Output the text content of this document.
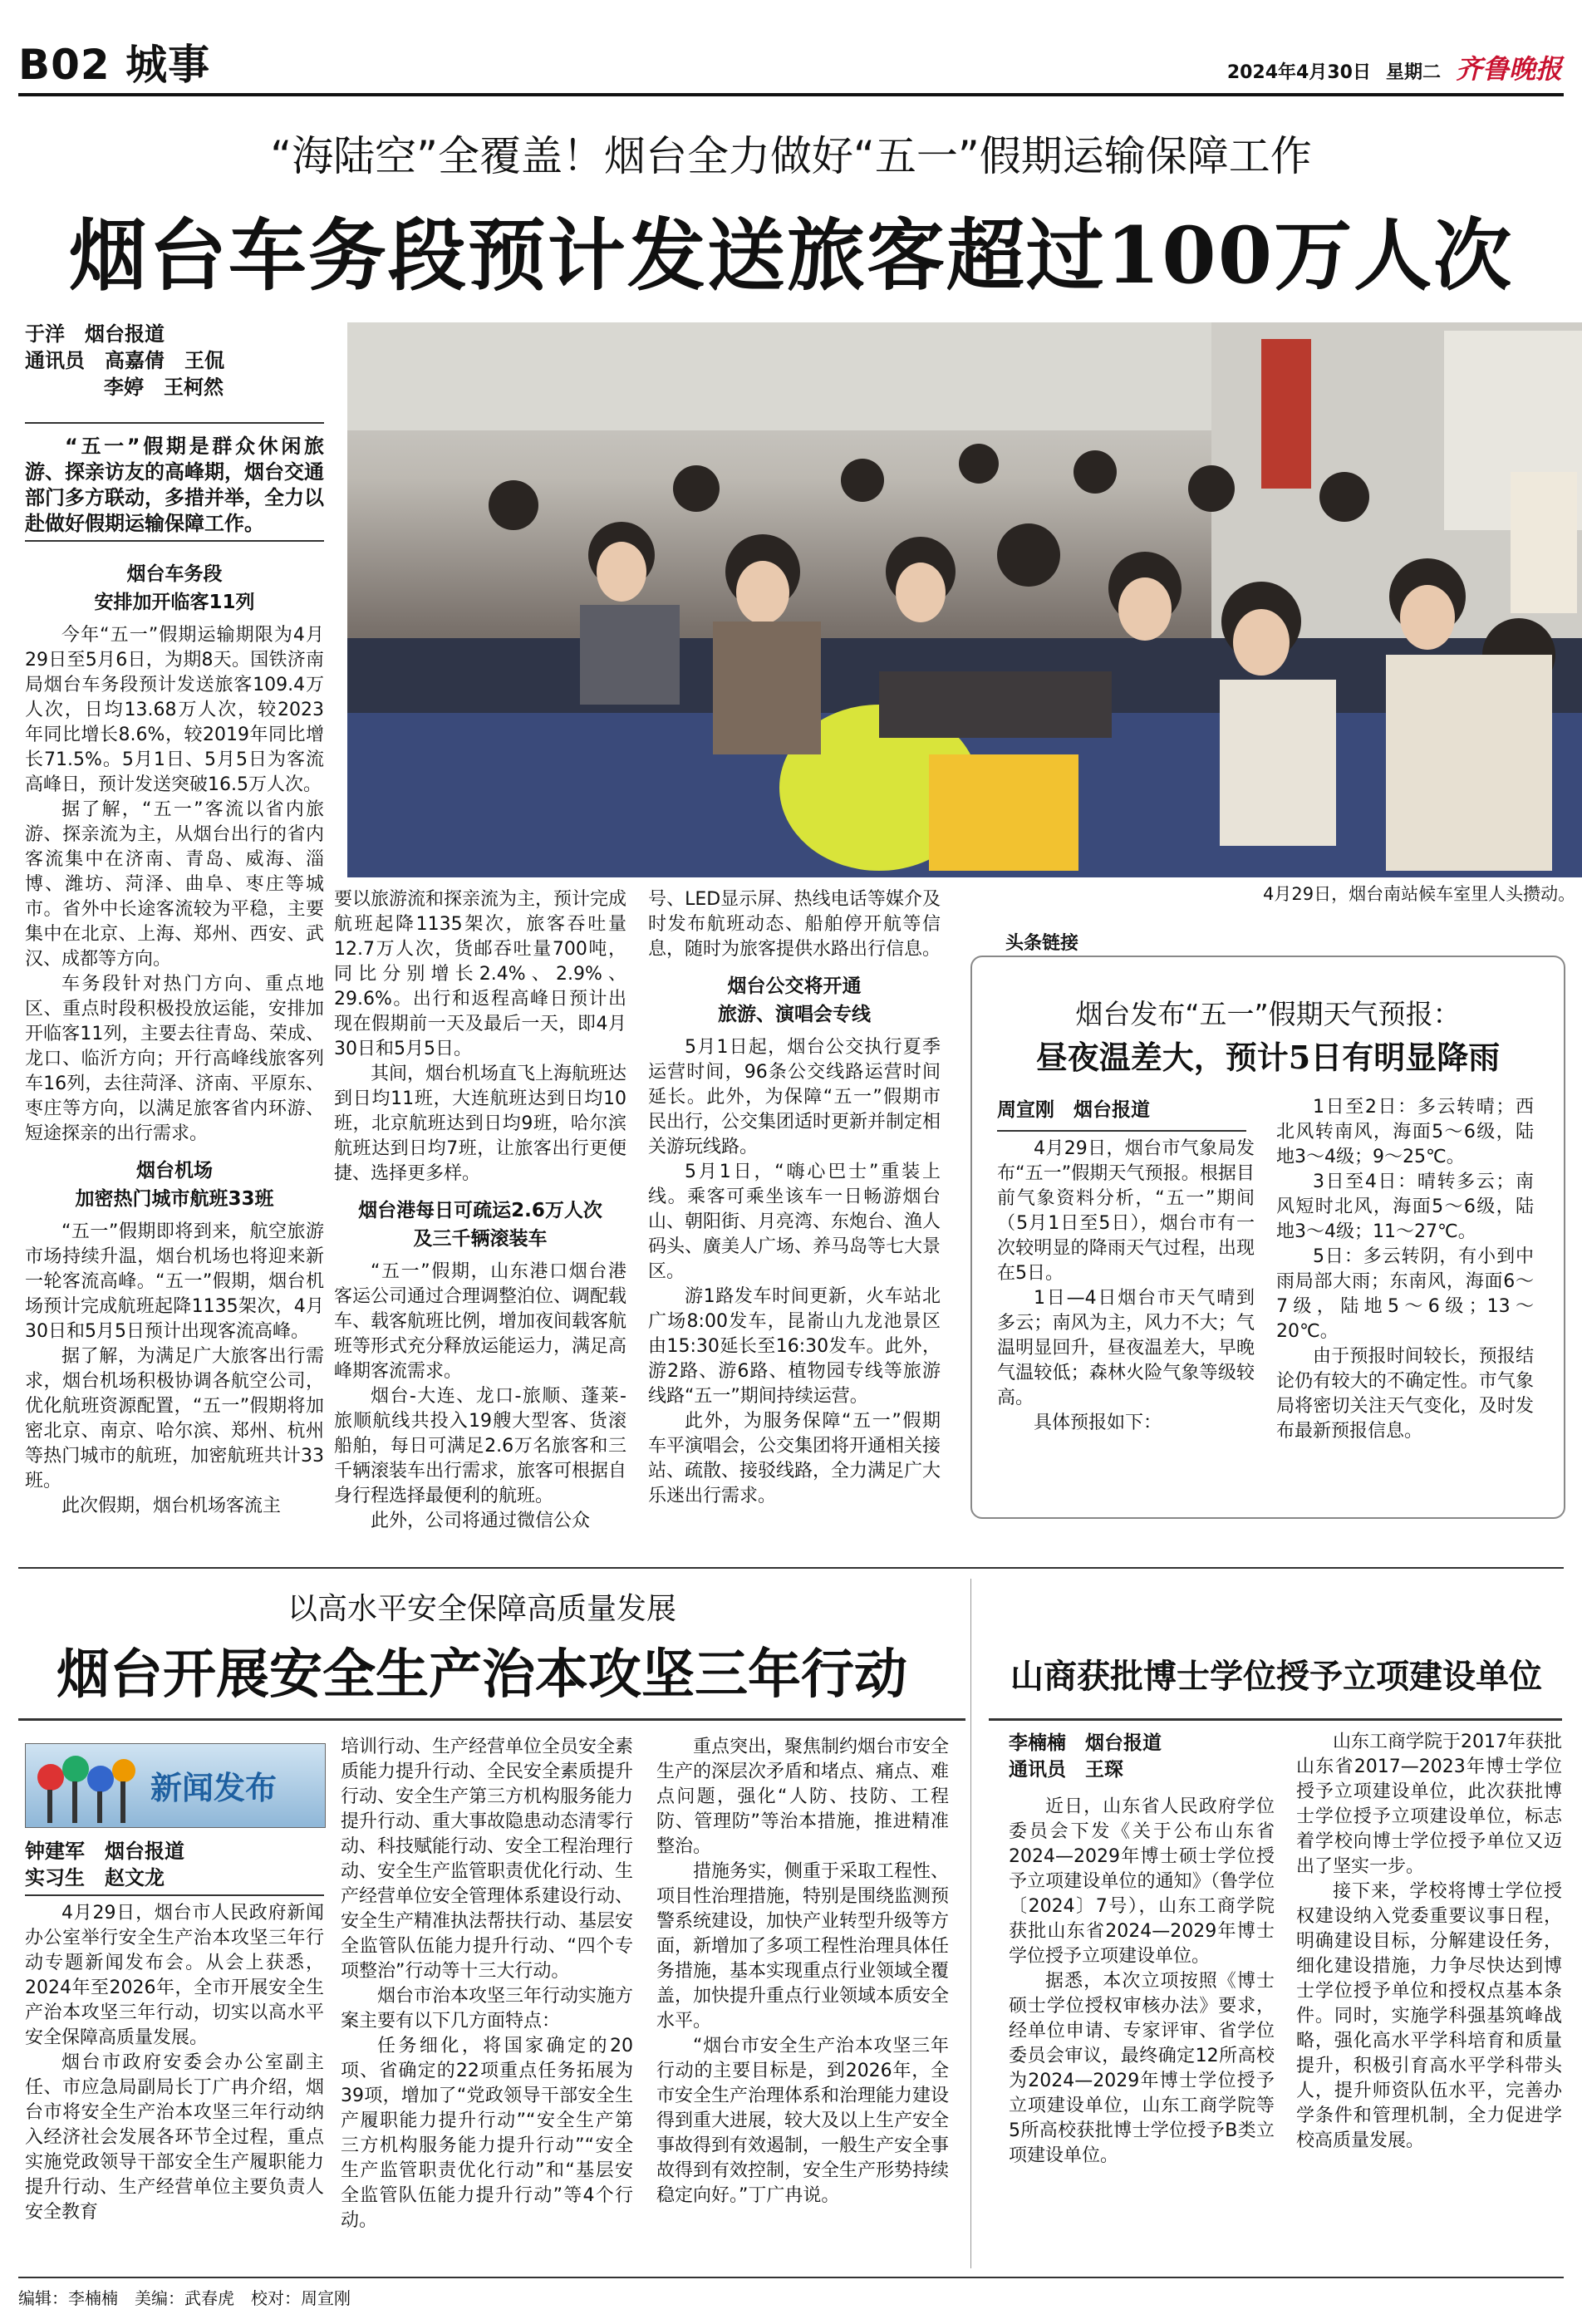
B02 城事	2024年4月30日 星期二 齐鲁晚报
“海陆空”全覆盖！烟台全力做好“五一”假期运输保障工作
烟台车务段预计发送旅客超过100万人次
于洋　烟台报道
通讯员　高嘉倩　王侃
李婷　王柯然
“五一”假期是群众休闲旅游、探亲访友的高峰期，烟台交通部门多方联动，多措并举，全力以赴做好假期运输保障工作。
4月29日，烟台南站候车室里人头攒动。
烟台车务段
安排加开临客11列

今年“五一”假期运输期限为4月29日至5月6日，为期8天。国铁济南局烟台车务段预计发送旅客109.4万人次，日均13.68万人次，较2023年同比增长8.6%，较2019年同比增长71.5%。5月1日、5月5日为客流高峰日，预计发送突破16.5万人次。

据了解，“五一”客流以省内旅游、探亲流为主，从烟台出行的省内客流集中在济南、青岛、威海、淄博、潍坊、菏泽、曲阜、枣庄等城市。省外中长途客流较为平稳，主要集中在北京、上海、郑州、西安、武汉、成都等方向。

车务段针对热门方向、重点地区、重点时段积极投放运能，安排加开临客11列，主要去往青岛、荣成、龙口、临沂方向；开行高峰线旅客列车16列，去往菏泽、济南、平原东、枣庄等方向，以满足旅客省内环游、短途探亲的出行需求。

烟台机场
加密热门城市航班33班

“五一”假期即将到来，航空旅游市场持续升温，烟台机场也将迎来新一轮客流高峰。“五一”假期，烟台机场预计完成航班起降1135架次，4月30日和5月5日预计出现客流高峰。

据了解，为满足广大旅客出行需求，烟台机场积极协调各航空公司，优化航班资源配置，“五一”假期将加密北京、南京、哈尔滨、郑州、杭州等热门城市的航班，加密航班共计33班。

此次假期，烟台机场客流主

要以旅游流和探亲流为主，预计完成航班起降1135架次，旅客吞吐量12.7万人次，货邮吞吐量700吨，同比分别增长2.4%、2.9%、29.6%。出行和返程高峰日预计出现在假期前一天及最后一天，即4月30日和5月5日。

其间，烟台机场直飞上海航班达到日均11班，大连航班达到日均10班，北京航班达到日均9班，哈尔滨航班达到日均7班，让旅客出行更便捷、选择更多样。

烟台港每日可疏运2.6万人次
及三千辆滚装车

“五一”假期，山东港口烟台港客运公司通过合理调整泊位、调配载车、载客航班比例，增加夜间载客航班等形式充分释放运能运力，满足高峰期客流需求。

烟台-大连、龙口-旅顺、蓬莱-旅顺航线共投入19艘大型客、货滚船舶，每日可满足2.6万名旅客和三千辆滚装车出行需求，旅客可根据自身行程选择最便利的航班。

此外，公司将通过微信公众

号、LED显示屏、热线电话等媒介及时发布航班动态、船舶停开航等信息，随时为旅客提供水路出行信息。

烟台公交将开通
旅游、演唱会专线

5月1日起，烟台公交执行夏季运营时间，96条公交线路运营时间延长。此外，为保障“五一”假期市民出行，公交集团适时更新并制定相关游玩线路。

5月1日，“嗨心巴士”重装上线。乘客可乘坐该车一日畅游烟台山、朝阳街、月亮湾、东炮台、渔人码头、廣美人广场、养马岛等七大景区。

游1路发车时间更新，火车站北广场8:00发车，昆嵛山九龙池景区由15:30延长至16:30发车。此外，游2路、游6路、植物园专线等旅游线路“五一”期间持续运营。

此外，为服务保障“五一”假期车平演唱会，公交集团将开通相关接站、疏散、接驳线路，全力满足广大乐迷出行需求。

头条链接
烟台发布“五一”假期天气预报：
昼夜温差大，预计5日有明显降雨
周宣刚　烟台报道

4月29日，烟台市气象局发布“五一”假期天气预报。根据目前气象资料分析，“五一”期间（5月1日至5日），烟台市有一次较明显的降雨天气过程，出现在5日。

1日—4日烟台市天气晴到多云；南风为主，风力不大；气温明显回升，昼夜温差大，早晚气温较低；森林火险气象等级较高。

具体预报如下：

1日至2日：多云转晴；西北风转南风，海面5～6级，陆地3～4级；9～25℃。

3日至4日：晴转多云；南风短时北风，海面5～6级，陆地3～4级；11～27℃。

5日：多云转阴，有小到中雨局部大雨；东南风，海面6～7级，陆地5～6级；13～20℃。

由于预报时间较长，预报结论仍有较大的不确定性。市气象局将密切关注天气变化，及时发布最新预报信息。

以高水平安全保障高质量发展
烟台开展安全生产治本攻坚三年行动
新闻发布
钟建军　烟台报道
实习生　赵文龙

4月29日，烟台市人民政府新闻办公室举行安全生产治本攻坚三年行动专题新闻发布会。从会上获悉，2024年至2026年，全市开展安全生产治本攻坚三年行动，切实以高水平安全保障高质量发展。

烟台市政府安委会办公室副主任、市应急局副局长丁广冉介绍，烟台市将安全生产治本攻坚三年行动纳入经济社会发展各环节全过程，重点实施党政领导干部安全生产履职能力提升行动、生产经营单位主要负责人安全教育

培训行动、生产经营单位全员安全素质能力提升行动、全民安全素质提升行动、安全生产第三方机构服务能力提升行动、重大事故隐患动态清零行动、科技赋能行动、安全工程治理行动、安全生产监管职责优化行动、生产经营单位安全管理体系建设行动、安全生产精准执法帮扶行动、基层安全监管队伍能力提升行动、“四个专项整治”行动等十三大行动。

烟台市治本攻坚三年行动实施方案主要有以下几方面特点：

任务细化，将国家确定的20项、省确定的22项重点任务拓展为39项，增加了“党政领导干部安全生产履职能力提升行动”“安全生产第三方机构服务能力提升行动”“安全生产监管职责优化行动”和“基层安全监管队伍能力提升行动”等4个行动。

重点突出，聚焦制约烟台市安全生产的深层次矛盾和堵点、痛点、难点问题，强化“人防、技防、工程防、管理防”等治本措施，推进精准整治。

措施务实，侧重于采取工程性、项目性治理措施，特别是围绕监测预警系统建设，加快产业转型升级等方面，新增加了多项工程性治理具体任务措施，基本实现重点行业领域全覆盖，加快提升重点行业领域本质安全水平。

“烟台市安全生产治本攻坚三年行动的主要目标是，到2026年，全市安全生产治理体系和治理能力建设得到重大进展，较大及以上生产安全事故得到有效遏制，一般生产安全事故得到有效控制，安全生产形势持续稳定向好。”丁广冉说。

山商获批博士学位授予立项建设单位
李楠楠　烟台报道
通讯员　王琛

近日，山东省人民政府学位委员会下发《关于公布山东省2024—2029年博士硕士学位授予立项建设单位的通知》（鲁学位〔2024〕7号），山东工商学院获批山东省2024—2029年博士学位授予立项建设单位。

据悉，本次立项按照《博士硕士学位授权审核办法》要求，经单位申请、专家评审、省学位委员会审议，最终确定12所高校为2024—2029年博士学位授予立项建设单位，山东工商学院等5所高校获批博士学位授予B类立项建设单位。

山东工商学院于2017年获批山东省2017—2023年博士学位授予立项建设单位，此次获批博士学位授予立项建设单位，标志着学校向博士学位授予单位又迈出了坚实一步。

接下来，学校将博士学位授权建设纳入党委重要议事日程，明确建设目标，分解建设任务，细化建设措施，力争尽快达到博士学位授予单位和授权点基本条件。同时，实施学科强基筑峰战略，强化高水平学科培育和质量提升，积极引育高水平学科带头人，提升师资队伍水平，完善办学条件和管理机制，全力促进学校高质量发展。

编辑：李楠楠　美编：武春虎　校对：周宣刚
